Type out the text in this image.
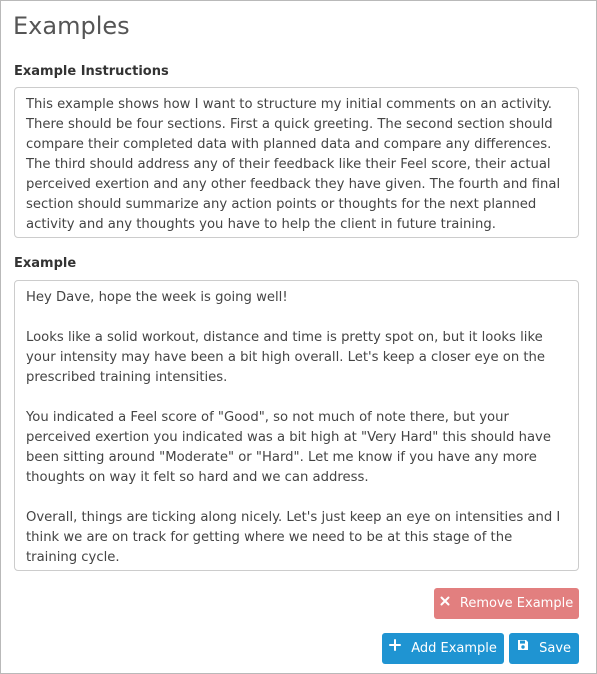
Examples
Example Instructions
This example shows how I want to structure my initial comments on an activity. There should be four sections. First a quick greeting. The second section should compare their completed data with planned data and compare any differences. The third should address any of their feedback like their Feel score, their actual perceived exertion and any other feedback they have given. The fourth and final section should summarize any action points or thoughts for the next planned activity and any thoughts you have to help the client in future training.
Example
Hey Dave, hope the week is going well!

Looks like a solid workout, distance and time is pretty spot on, but it looks like your intensity may have been a bit high overall. Let's keep a closer eye on the prescribed training intensities.

You indicated a Feel score of "Good", so not much of note there, but your perceived exertion you indicated was a bit high at "Very Hard" this should have been sitting around "Moderate" or "Hard". Let me know if you have any more thoughts on way it felt so hard and we can address.

Overall, things are ticking along nicely. Let's just keep an eye on intensities and I think we are on track for getting where we need to be at this stage of the training cycle.
Remove Example
Add Example	Save
